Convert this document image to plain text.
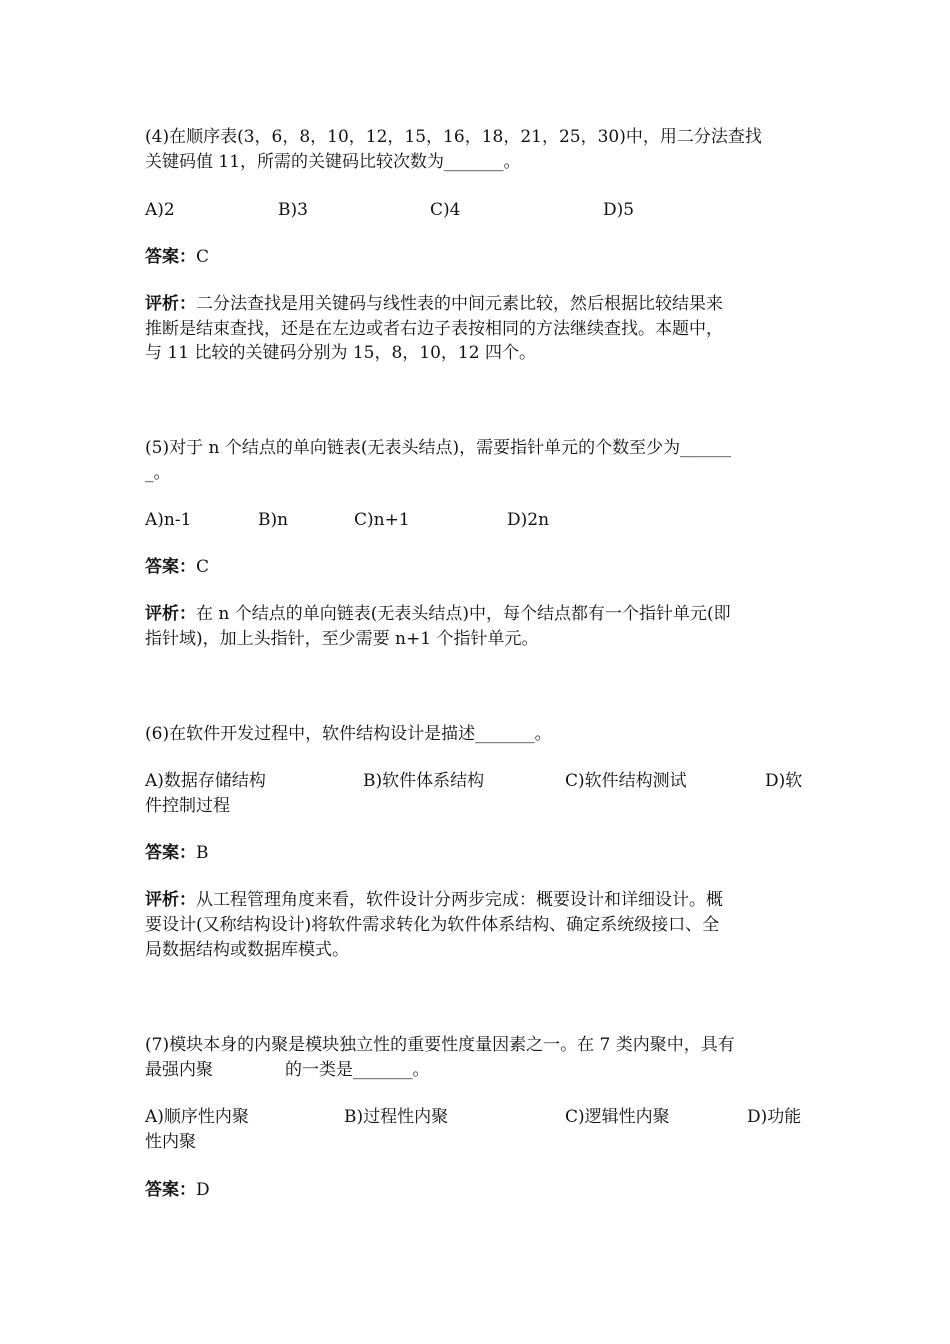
(4)在顺序表(3，6，8，10，12，15，16，18，21，25，30)中，用二分法查找
关键码值 11，所需的关键码比较次数为_______。
A)2	B)3	C)4	D)5
答案：C
评析：二分法查找是用关键码与线性表的中间元素比较，然后根据比较结果来
推断是结束查找，还是在左边或者右边子表按相同的方法继续查找。本题中，
与 11 比较的关键码分别为 15，8，10，12 四个。
(5)对于 n 个结点的单向链表(无表头结点)，需要指针单元的个数至少为______
_。
A)n-1	B)n	C)n+1	D)2n
答案：C
评析：在 n 个结点的单向链表(无表头结点)中，每个结点都有一个指针单元(即
指针域)，加上头指针，至少需要 n+1 个指针单元。
(6)在软件开发过程中，软件结构设计是描述_______。
A)数据存储结构	B)软件体系结构	C)软件结构测试	D)软
件控制过程
答案：B
评析：从工程管理角度来看，软件设计分两步完成：概要设计和详细设计。概
要设计(又称结构设计)将软件需求转化为软件体系结构、确定系统级接口、全
局数据结构或数据库模式。
(7)模块本身的内聚是模块独立性的重要性度量因素之一。在 7 类内聚中，具有
最强内聚	的一类是_______。
A)顺序性内聚	B)过程性内聚	C)逻辑性内聚	D)功能
性内聚
答案：D
